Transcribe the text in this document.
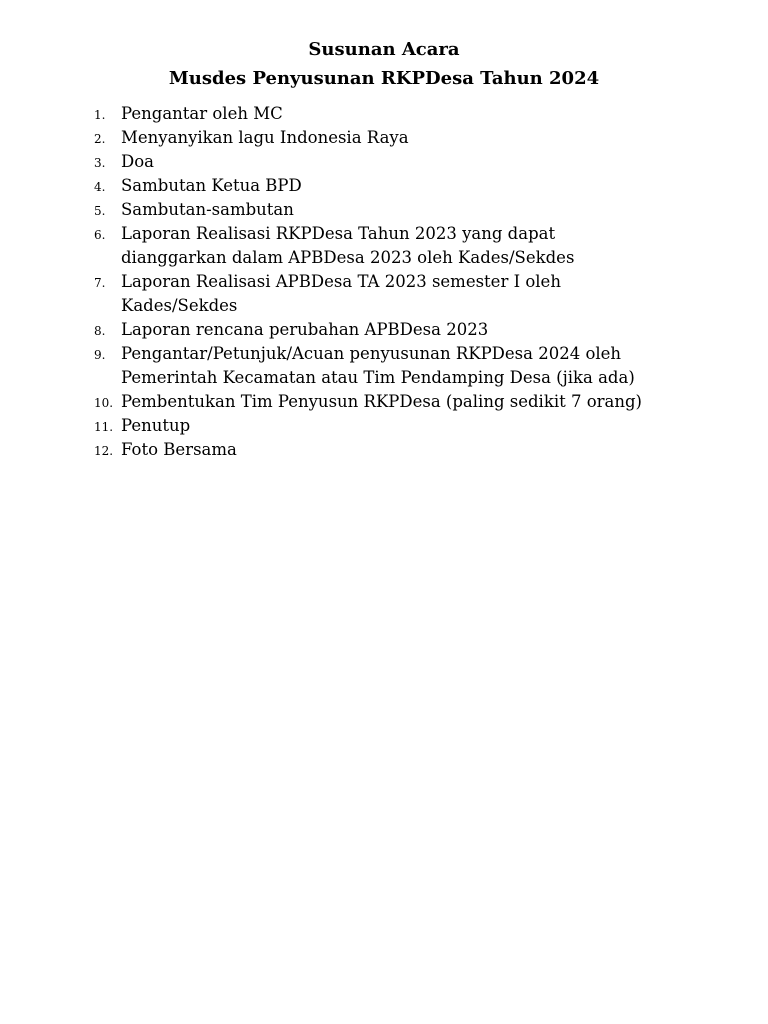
Susunan Acara
Musdes Penyusunan RKPDesa Tahun 2024
1. Pengantar oleh MC
2. Menyanyikan lagu Indonesia Raya
3. Doa
4. Sambutan Ketua BPD
5. Sambutan-sambutan
6. Laporan Realisasi RKPDesa Tahun 2023 yang dapat
dianggarkan dalam APBDesa 2023 oleh Kades/Sekdes
7. Laporan Realisasi APBDesa TA 2023 semester I oleh
Kades/Sekdes
8. Laporan rencana perubahan APBDesa 2023
9. Pengantar/Petunjuk/Acuan penyusunan RKPDesa 2024 oleh
Pemerintah Kecamatan atau Tim Pendamping Desa (jika ada)
10. Pembentukan Tim Penyusun RKPDesa (paling sedikit 7 orang)
11. Penutup
12. Foto Bersama
